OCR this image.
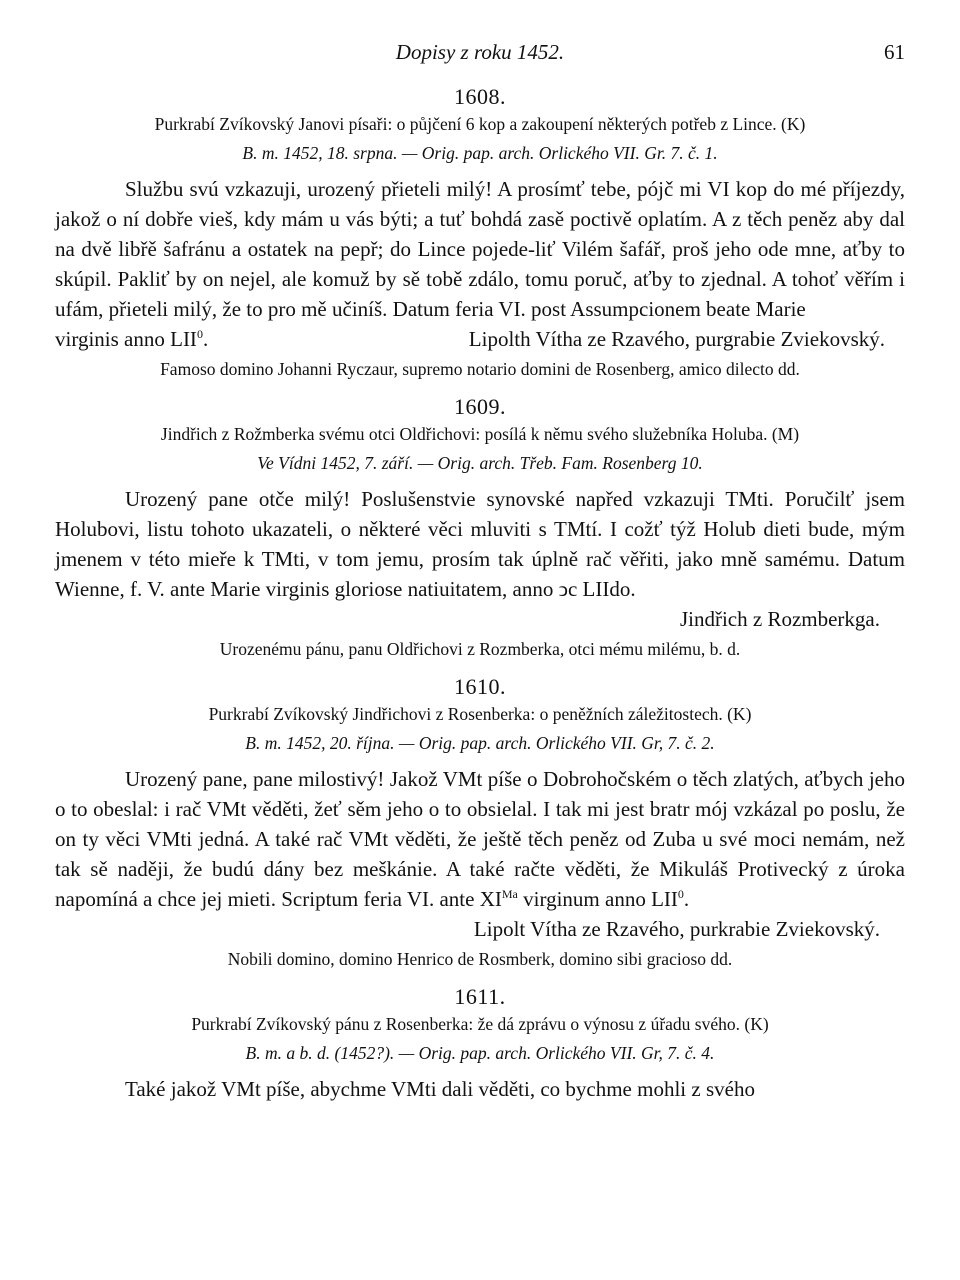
Dopisy z roku 1452.	61
1608.
Purkrabí Zvíkovský Janovi písaři: o půjčení 6 kop a zakoupení některých potřeb z Lince. (K)
B. m. 1452, 18. srpna. — Orig. pap. arch. Orlického VII. Gr. 7. č. 1.

Službu svú vzkazuji, urozený přieteli milý! A prosímť tebe, pójč mi VI kop do mé příjezdy, jakož o ní dobře vieš, kdy mám u vás býti; a tuť bohdá zasě poctivě oplatím. A z těch peněz aby dal na dvě libřě šafránu a ostatek na pepř; do Lince pojede-liť Vilém šafář, proš jeho ode mne, aťby to skúpil. Pakliť by on nejel, ale komuž by sě tobě zdálo, tomu poruč, aťby to zjednal. A tohoť věřím i ufám, přieteli milý, že to pro mě učiníš. Datum feria VI. post Assumpcionem beate Marie

virginis anno LII$^0$.	Lipolth Vítha ze Rzavého, purgrabie Zviekovský.
Famoso domino Johanni Ryczaur, supremo notario domini de Rosenberg, amico dilecto dd.
1609.
Jindřich z Rožmberka svému otci Oldřichovi: posílá k němu svého služebníka Holuba. (M)
Ve Vídni 1452, 7. září. — Orig. arch. Třeb. Fam. Rosenberg 10.

Urozený pane otče milý! Poslušenstvie synovské napřed vzkazuji TMti. Poručilť jsem Holubovi, listu tohoto ukazateli, o některé věci mluviti s TMtí. I cožť týž Holub dieti bude, mým jmenem v této mieře k TMti, v tom jemu, prosím tak úplně rač věřiti, jako mně samému. Datum Wienne, f. V. ante Marie virginis gloriose natiuitatem, anno ↄc LIIdo.

Jindřich z Rozmberkga.
Urozenému pánu, panu Oldřichovi z Rozmberka, otci mému milému, b. d.
1610.
Purkrabí Zvíkovský Jindřichovi z Rosenberka: o peněžních záležitostech. (K)
B. m. 1452, 20. října. — Orig. pap. arch. Orlického VII. Gr, 7. č. 2.

Urozený pane, pane milostivý! Jakož VMt píše o Dobrohočském o těch zlatých, aťbych jeho o to obeslal: i rač VMt věděti, žeť sěm jeho o to obsielal. I tak mi jest bratr mój vzkázal po poslu, že on ty věci VMti jedná. A také rač VMt věděti, že ještě těch peněz od Zuba u své moci nemám, než tak sě naději, že budú dány bez meškánie. A také račte věděti, že Mikuláš Protivecký z úroka napomíná a chce jej mieti. Scriptum feria VI. ante $XI^{Ma}$ virginum anno LII$^0$.

Lipolt Vítha ze Rzavého, purkrabie Zviekovský.
Nobili domino, domino Henrico de Rosmberk, domino sibi gracioso dd.
1611.
Purkrabí Zvíkovský pánu z Rosenberka: že dá zprávu o výnosu z úřadu svého. (K)
B. m. a b. d. (1452?). — Orig. pap. arch. Orlického VII. Gr, 7. č. 4.

Také jakož VMt píše, abychme VMti dali věděti, co bychme mohli z svého
